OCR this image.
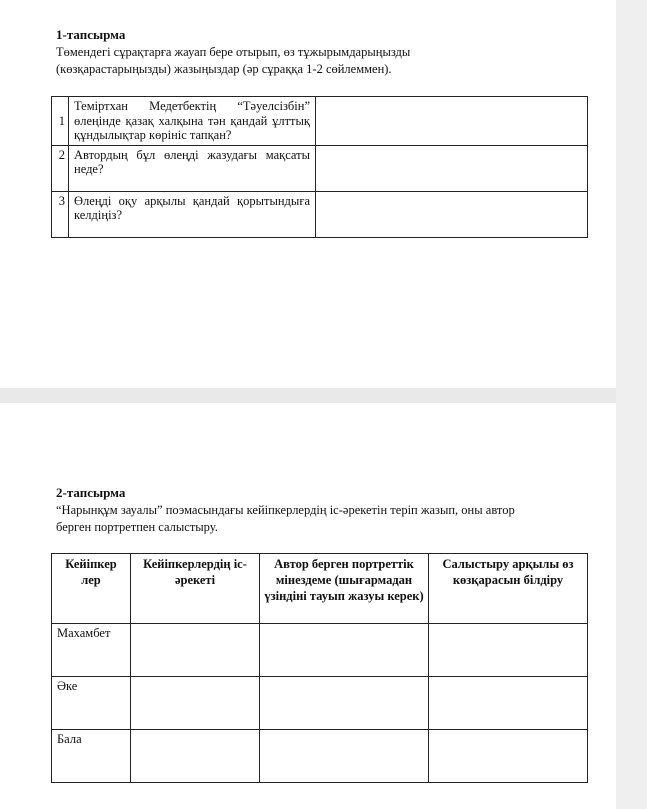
1-тапсырма
Төмендегі сұрақтарға жауап бере отырып, өз тұжырымдарыңызды
(көзқарастарыңызды) жазыңыздар (әр сұраққа 1-2 сөйлеммен).
1	Теміртхан Медетбектің “Тәуелсізбін” өлеңінде қазақ халқына тән қандай ұлттық құндылықтар көрініс тапқан?	
2	Автордың бұл өлеңді жазудағы мақсаты неде?	
3	Өлеңді оқу арқылы қандай қорытындыға келдіңіз?	
2-тапсырма
“Нарынқұм зауалы” поэмасындағы кейіпкерлердің іс-әрекетін теріп жазып, оны автор
берген портретпен салыстыру.
Кейіпкер лер	Кейіпкерлердің іс-әрекеті	Автор берген портреттік мінездеме (шығармадан үзіндіні тауып жазуы керек)	Салыстыру арқылы өз көзқарасын білдіру
Махамбет			
Әке			
Бала			
